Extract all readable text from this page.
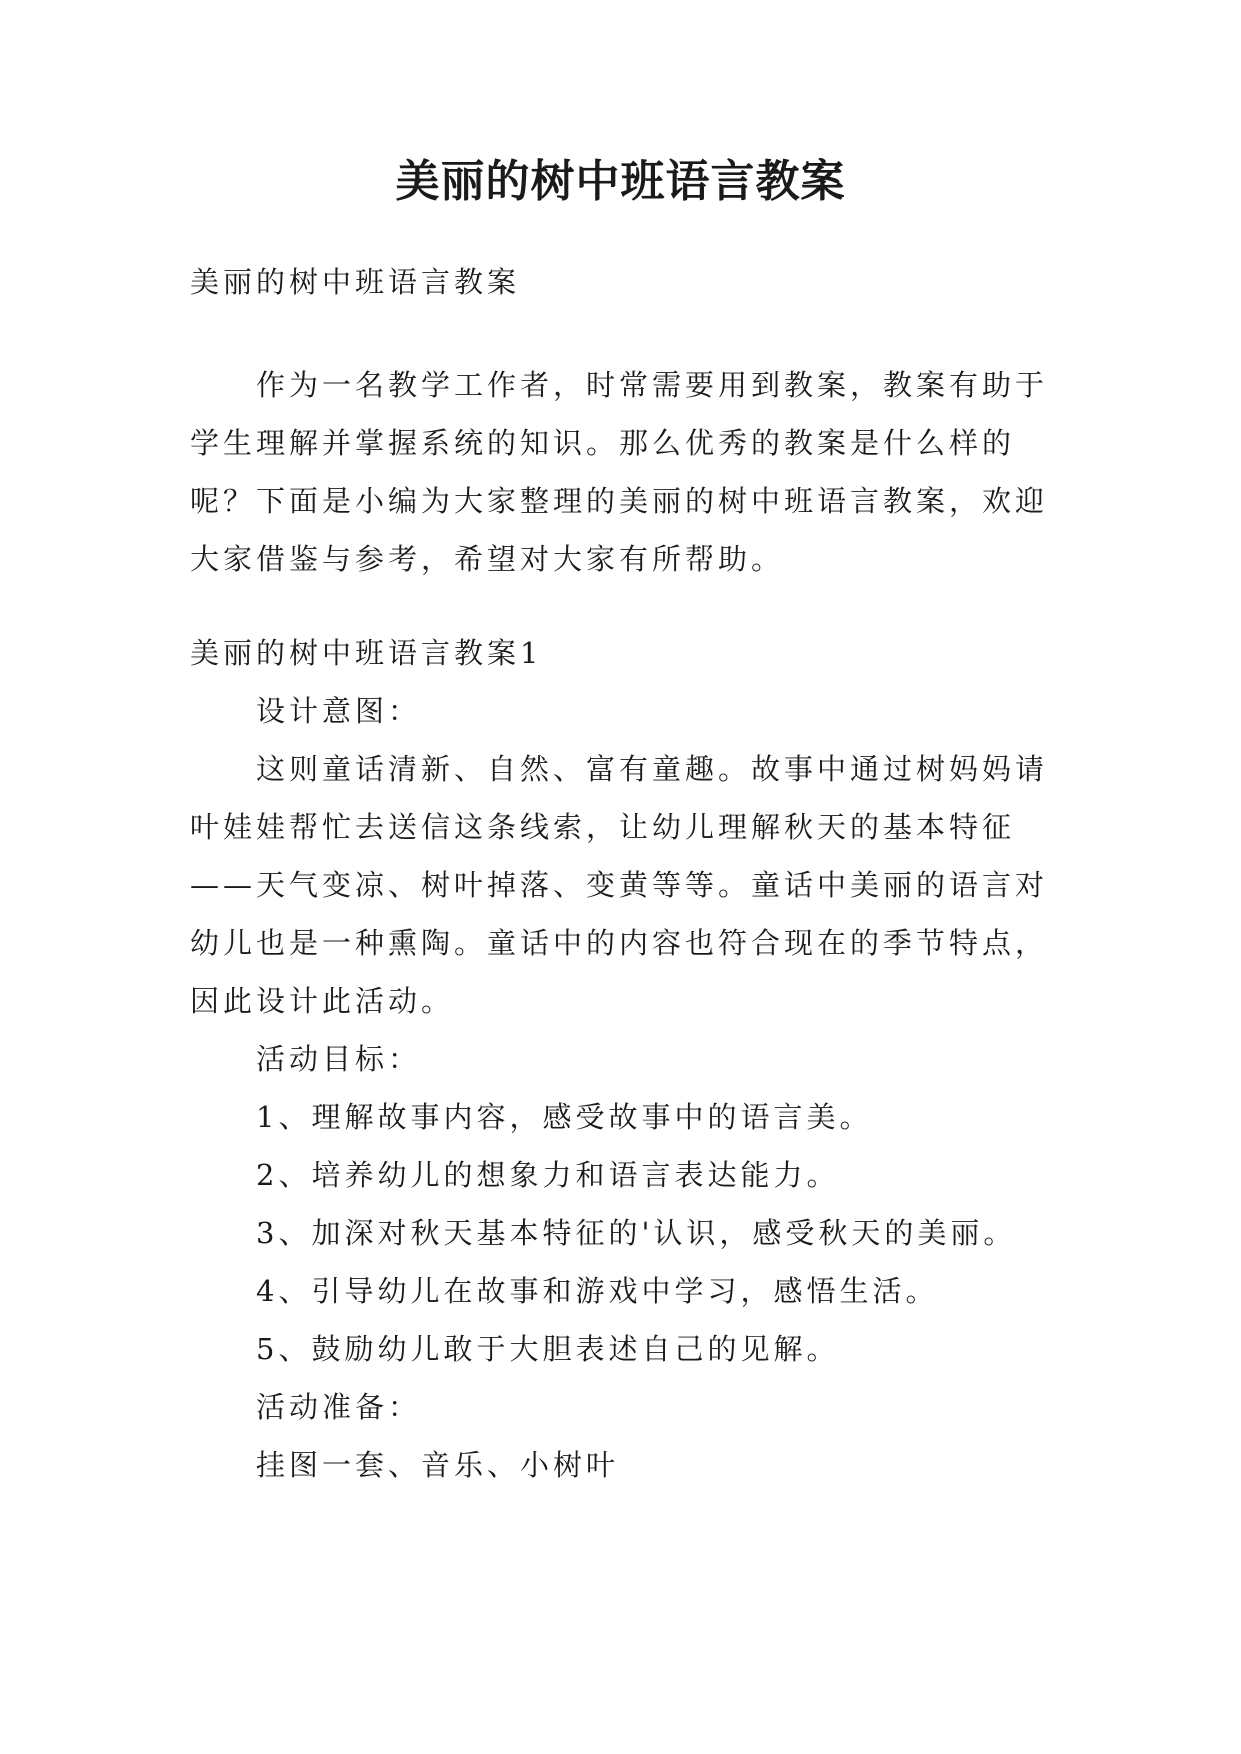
美丽的树中班语言教案

美丽的树中班语言教案

作为一名教学工作者，时常需要用到教案，教案有助于
学生理解并掌握系统的知识。那么优秀的教案是什么样的
呢？下面是小编为大家整理的美丽的树中班语言教案，欢迎
大家借鉴与参考，希望对大家有所帮助。

美丽的树中班语言教案1
设计意图：
这则童话清新、自然、富有童趣。故事中通过树妈妈请
叶娃娃帮忙去送信这条线索，让幼儿理解秋天的基本特征
——天气变凉、树叶掉落、变黄等等。童话中美丽的语言对
幼儿也是一种熏陶。童话中的内容也符合现在的季节特点，
因此设计此活动。
活动目标：
1、理解故事内容，感受故事中的语言美。
2、培养幼儿的想象力和语言表达能力。
3、加深对秋天基本特征的'认识，感受秋天的美丽。
4、引导幼儿在故事和游戏中学习，感悟生活。
5、鼓励幼儿敢于大胆表述自己的见解。
活动准备：
挂图一套、音乐、小树叶
